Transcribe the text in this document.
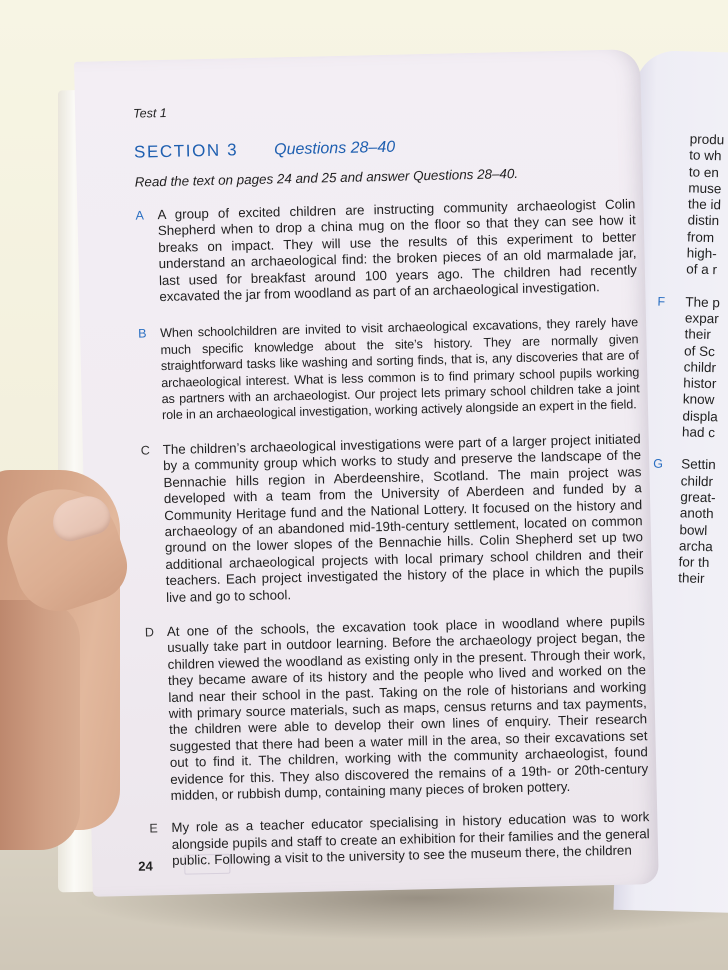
produ
to wh
to en
muse
the id
distin
from
high-
of a r
F The p
expar
their
of Sc
childr
histor
know
displa
had c
G Settin
childr
great-
anoth
bowl
archa
for th
their
Test 1
SECTION 3 Questions 28–40

Read the text on pages 24 and 25 and answer Questions 28–40.

A A group of excited children are instructing community archaeologist Colin Shepherd when to drop a china mug on the floor so that they can see how it breaks on impact. They will use the results of this experiment to better understand an archaeological find: the broken pieces of an old marmalade jar, last used for breakfast around 100 years ago. The children had recently excavated the jar from woodland as part of an archaeological investigation.

B When schoolchildren are invited to visit archaeological excavations, they rarely have much specific knowledge about the site’s history. They are normally given straightforward tasks like washing and sorting finds, that is, any discoveries that are of archaeological interest. What is less common is to find primary school pupils working as partners with an archaeologist. Our project lets primary school children take a joint role in an archaeological investigation, working actively alongside an expert in the field.

C The children’s archaeological investigations were part of a larger project initiated by a community group which works to study and preserve the landscape of the Bennachie hills region in Aberdeenshire, Scotland. The main project was developed with a team from the University of Aberdeen and funded by a Community Heritage fund and the National Lottery. It focused on the history and archaeology of an abandoned mid-19th-century settlement, located on common ground on the lower slopes of the Bennachie hills. Colin Shepherd set up two additional archaeological projects with local primary school children and their teachers. Each project investigated the history of the place in which the pupils live and go to school.

D At one of the schools, the excavation took place in woodland where pupils usually take part in outdoor learning. Before the archaeology project began, the children viewed the woodland as existing only in the present. Through their work, they became aware of its history and the people who lived and worked on the land near their school in the past. Taking on the role of historians and working with primary source materials, such as maps, census returns and tax payments, the children were able to develop their own lines of enquiry. Their research suggested that there had been a water mill in the area, so their excavations set out to find it. The children, working with the community archaeologist, found evidence for this. They also discovered the remains of a 19th- or 20th-century midden, or rubbish dump, containing many pieces of broken pottery.

E My role as a teacher educator specialising in history education was to work alongside pupils and staff to create an exhibition for their families and the general public. Following a visit to the university to see the museum there, the children

24
